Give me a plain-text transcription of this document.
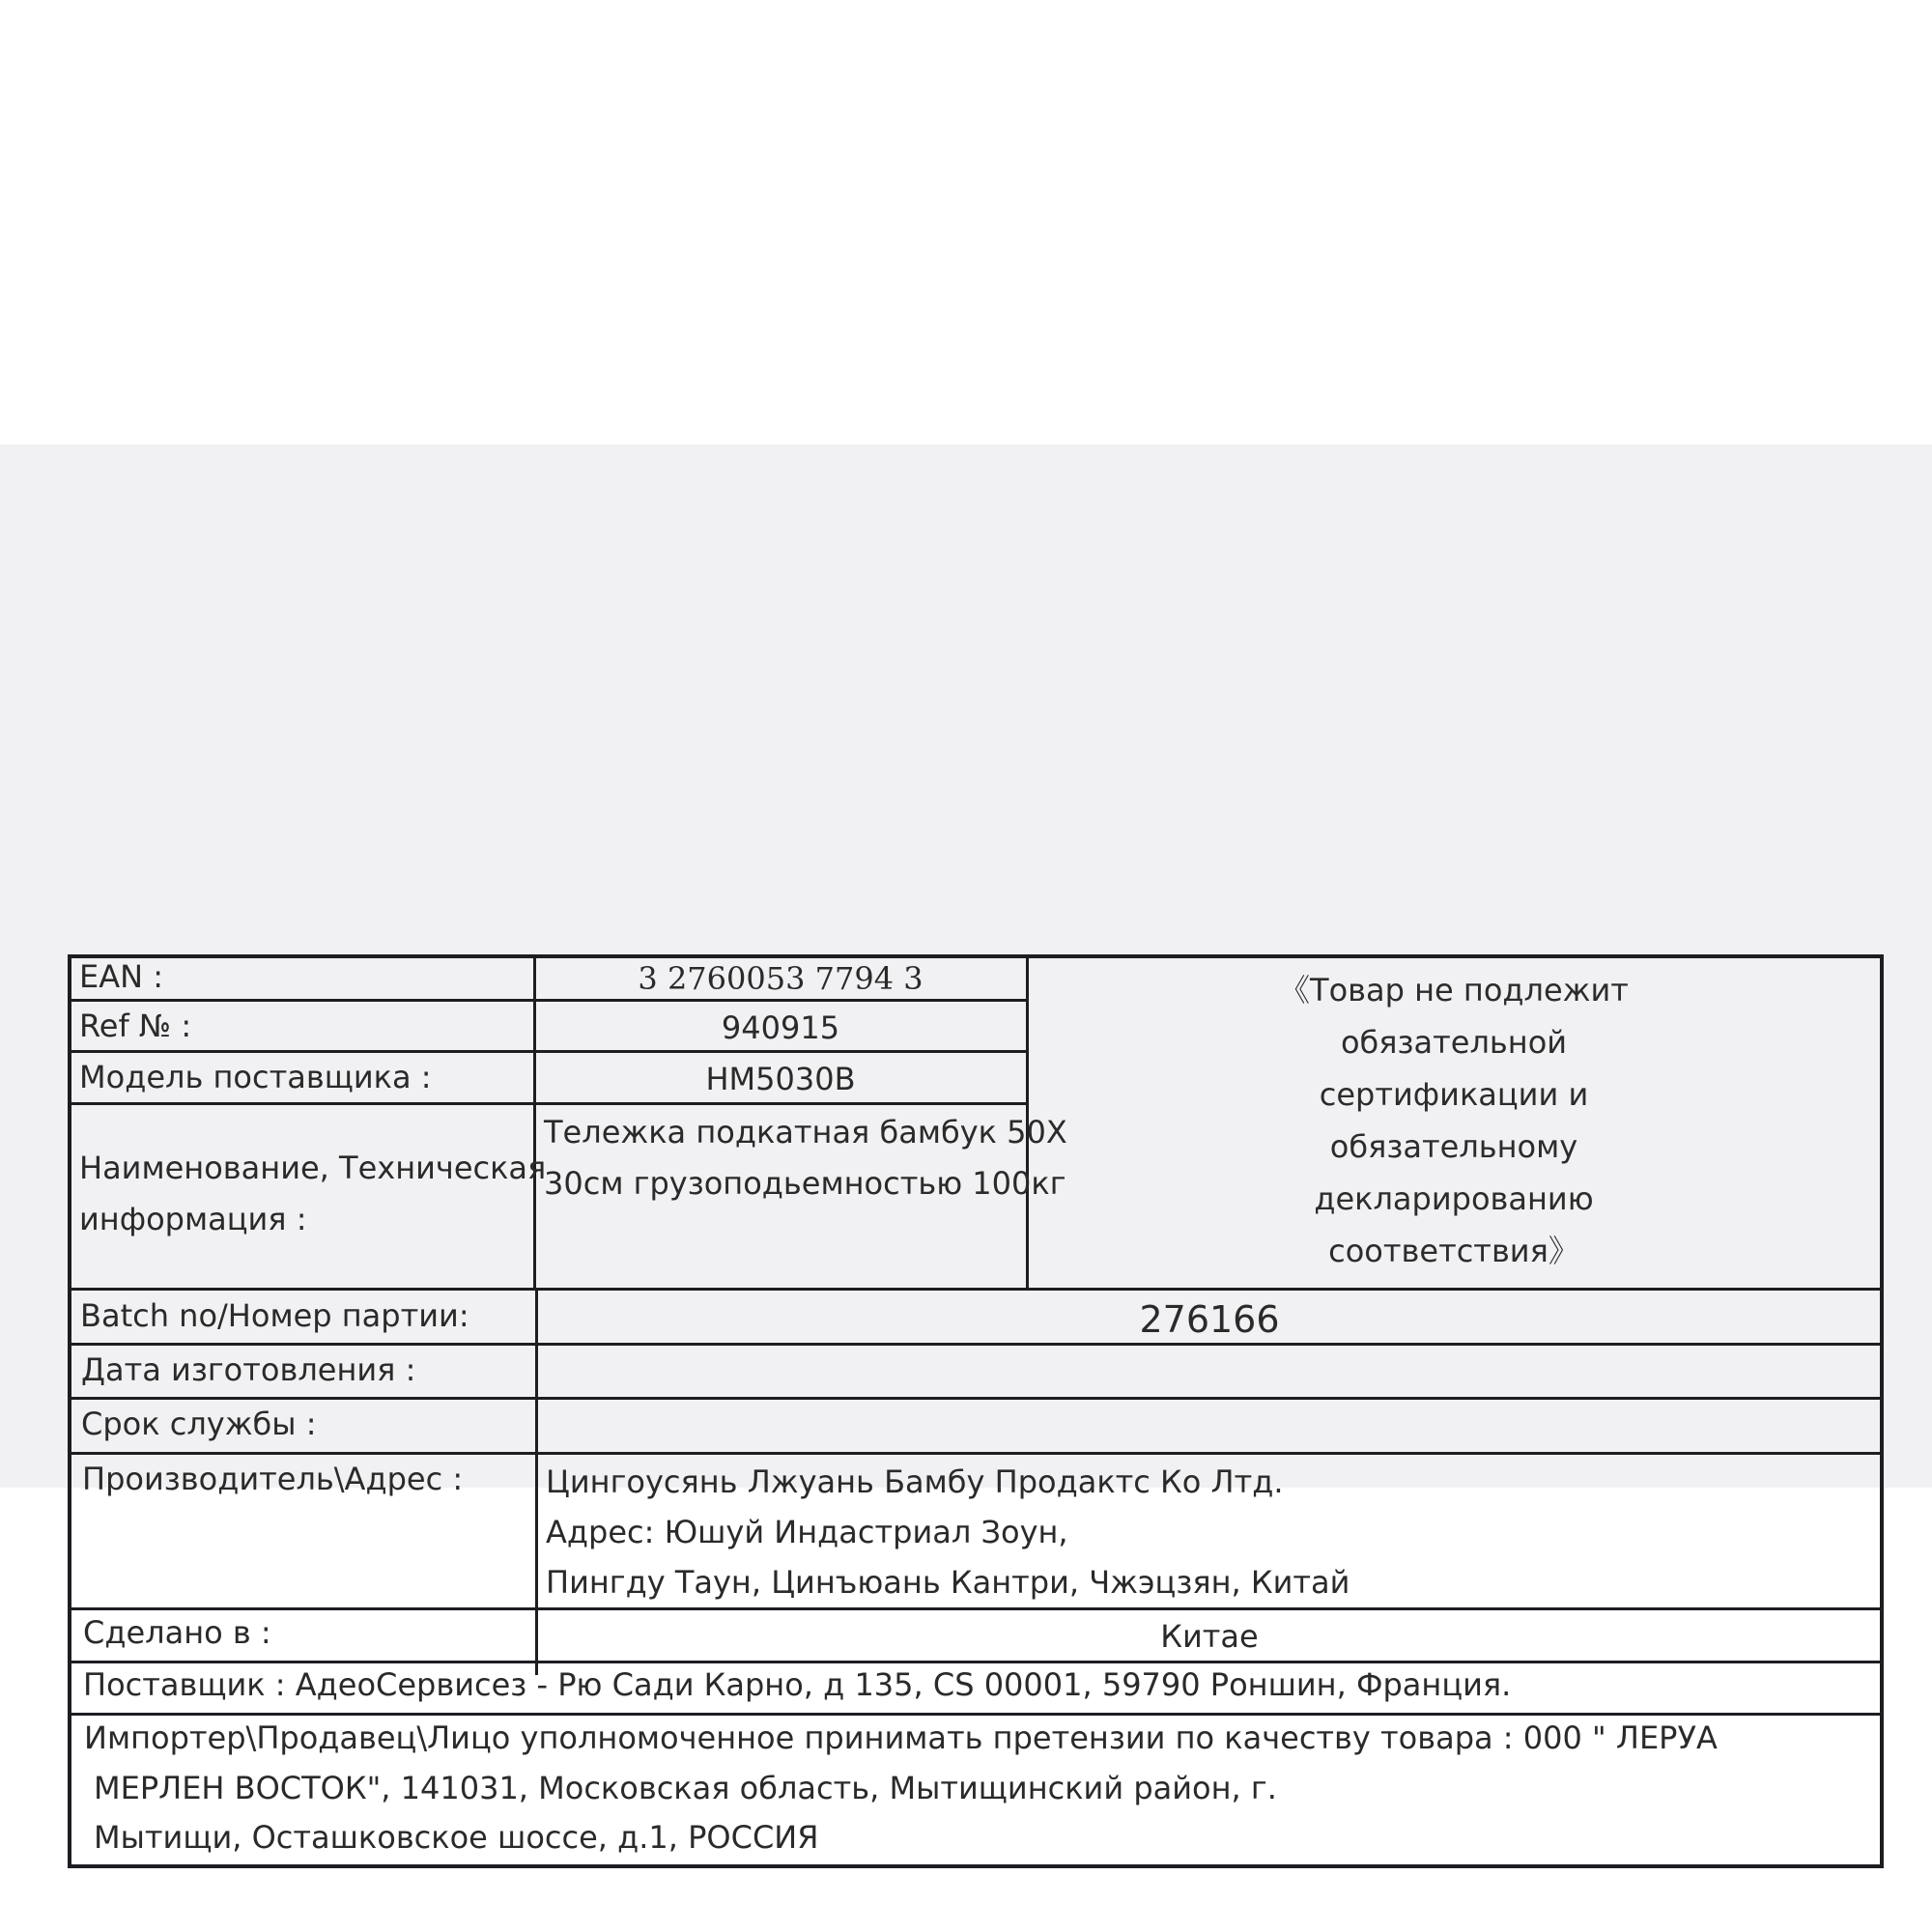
EAN :
Ref № :
Модель поставщика :
Наименование, Техническая
информация :
Batch no/Номер партии:
Дата изготовления :
Срок службы :
Производитель\Адрес :
Сделано в :
3 2760053 7794 3
940915
HM5030B
Тележка подкатная бамбук 50X
30см грузоподьемностью 100кг
《Товар не подлежит
обязательной
сертификации и
обязательному
декларированию
соответствия》
276166
Цингоусянь Лжуань Бамбу Продактс Ко Лтд.
Адрес: Юшуй Индастриал Зоун,
Пингду Таун, Цинъюань Кантри, Чжэцзян, Китай
Китае
Поставщик : АдеоСервисез - Рю Сади Карно, д 135, CS 00001, 59790 Роншин, Франция.
Импортер\Продавец\Лицо уполномоченное принимать претензии по качеству товара : 000 " ЛЕРУА
МЕРЛЕН ВОСТОК", 141031, Московская область, Мытищинский район, г.
Мытищи, Осташковское шоссе, д.1, РОССИЯ
